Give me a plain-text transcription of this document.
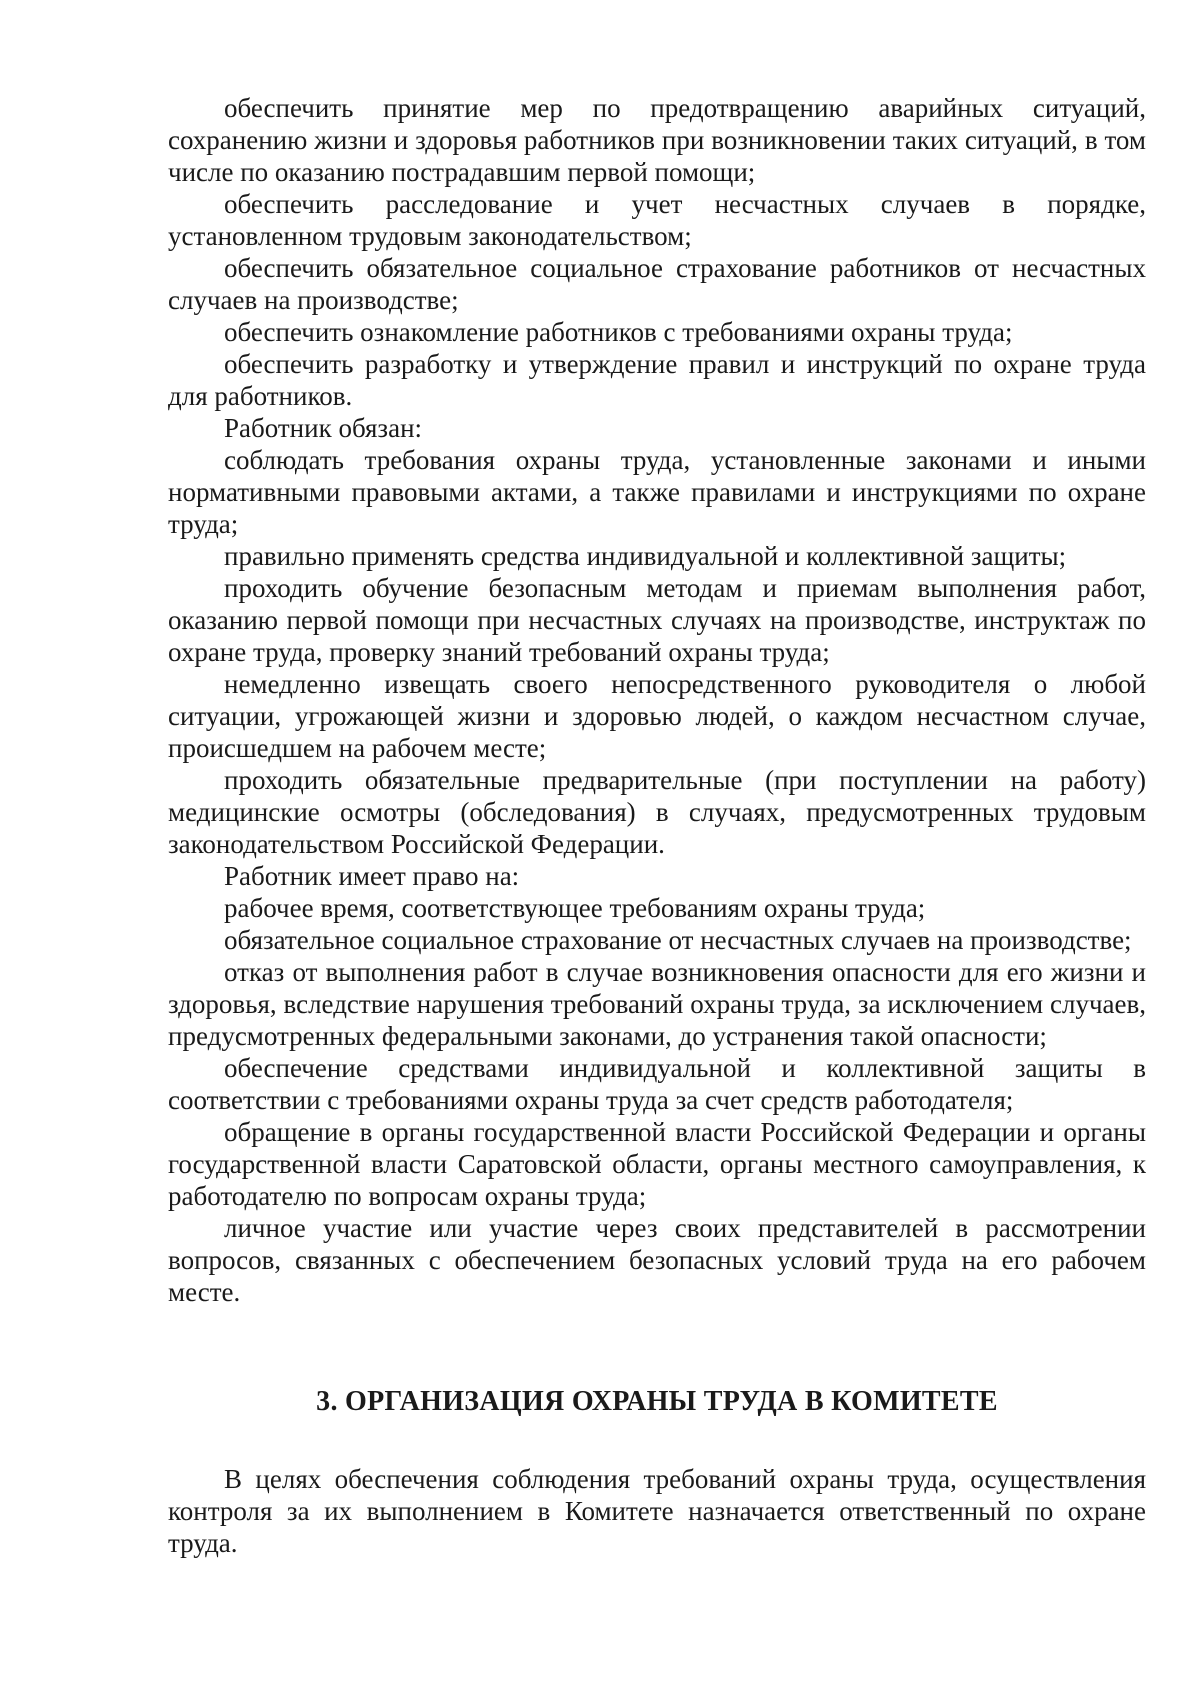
обеспечить принятие мер по предотвращению аварийных ситуаций, сохранению жизни и здоровья работников при возникновении таких ситуаций, в том числе по оказанию пострадавшим первой помощи;

обеспечить расследование и учет несчастных случаев в порядке, установленном трудовым законодательством;

обеспечить обязательное социальное страхование работников от несчастных случаев на производстве;

обеспечить ознакомление работников с требованиями охраны труда;

обеспечить разработку и утверждение правил и инструкций по охране труда для работников.

Работник обязан:

соблюдать требования охраны труда, установленные законами и иными нормативными правовыми актами, а также правилами и инструкциями по охране труда;

правильно применять средства индивидуальной и коллективной защиты;

проходить обучение безопасным методам и приемам выполнения работ, оказанию первой помощи при несчастных случаях на производстве, инструктаж по охране труда, проверку знаний требований охраны труда;

немедленно извещать своего непосредственного руководителя о любой ситуации, угрожающей жизни и здоровью людей, о каждом несчастном случае, происшедшем на рабочем месте;

проходить обязательные предварительные (при поступлении на работу) медицинские осмотры (обследования) в случаях, предусмотренных трудовым законодательством Российской Федерации.

Работник имеет право на:

рабочее время, соответствующее требованиям охраны труда;

обязательное социальное страхование от несчастных случаев на производстве;

отказ от выполнения работ в случае возникновения опасности для его жизни и здоровья, вследствие нарушения требований охраны труда, за исключением случаев, предусмотренных федеральными законами, до устранения такой опасности;

обеспечение средствами индивидуальной и коллективной защиты в соответствии с требованиями охраны труда за счет средств работодателя;

обращение в органы государственной власти Российской Федерации и органы государственной власти Саратовской области, органы местного самоуправления, к работодателю по вопросам охраны труда;

личное участие или участие через своих представителей в рассмотрении вопросов, связанных с обеспечением безопасных условий труда на его рабочем месте.

3. ОРГАНИЗАЦИЯ ОХРАНЫ ТРУДА В КОМИТЕТЕ

В целях обеспечения соблюдения требований охраны труда, осуществления контроля за их выполнением в Комитете назначается ответственный по охране труда.
